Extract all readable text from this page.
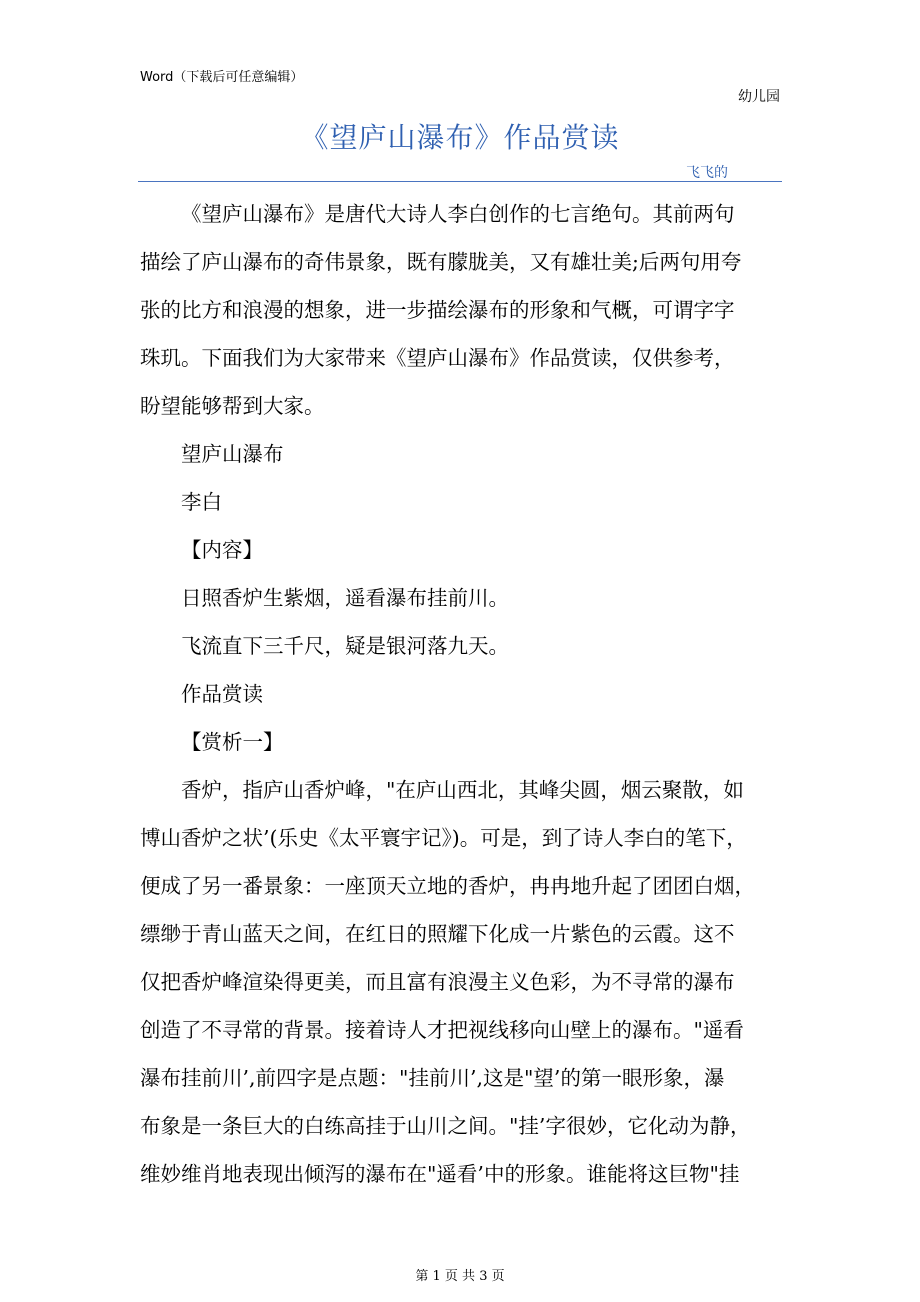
Word（下载后可任意编辑）
幼儿园
《望庐山瀑布》作品赏读
飞飞的
《望庐山瀑布》是唐代大诗人李白创作的七言绝句。其前两句
描绘了庐山瀑布的奇伟景象，既有朦胧美，又有雄壮美;后两句用夸
张的比方和浪漫的想象，进一步描绘瀑布的形象和气概，可谓字字
珠玑。下面我们为大家带来《望庐山瀑布》作品赏读，仅供参考，
盼望能够帮到大家。
望庐山瀑布
李白
【内容】
日照香炉生紫烟，遥看瀑布挂前川。
飞流直下三千尺，疑是银河落九天。
作品赏读
【赏析一】
香炉，指庐山香炉峰，"在庐山西北，其峰尖圆，烟云聚散，如
博山香炉之状’(乐史《太平寰宇记》)。可是，到了诗人李白的笔下，
便成了另一番景象：一座顶天立地的香炉，冉冉地升起了团团白烟，
缥缈于青山蓝天之间，在红日的照耀下化成一片紫色的云霞。这不
仅把香炉峰渲染得更美，而且富有浪漫主义色彩，为不寻常的瀑布
创造了不寻常的背景。接着诗人才把视线移向山壁上的瀑布。"遥看
瀑布挂前川’,前四字是点题："挂前川’,这是"望’的第一眼形象，瀑
布象是一条巨大的白练高挂于山川之间。"挂’字很妙，它化动为静，
维妙维肖地表现出倾泻的瀑布在"遥看’中的形象。谁能将这巨物"挂
第 1 页 共 3 页
